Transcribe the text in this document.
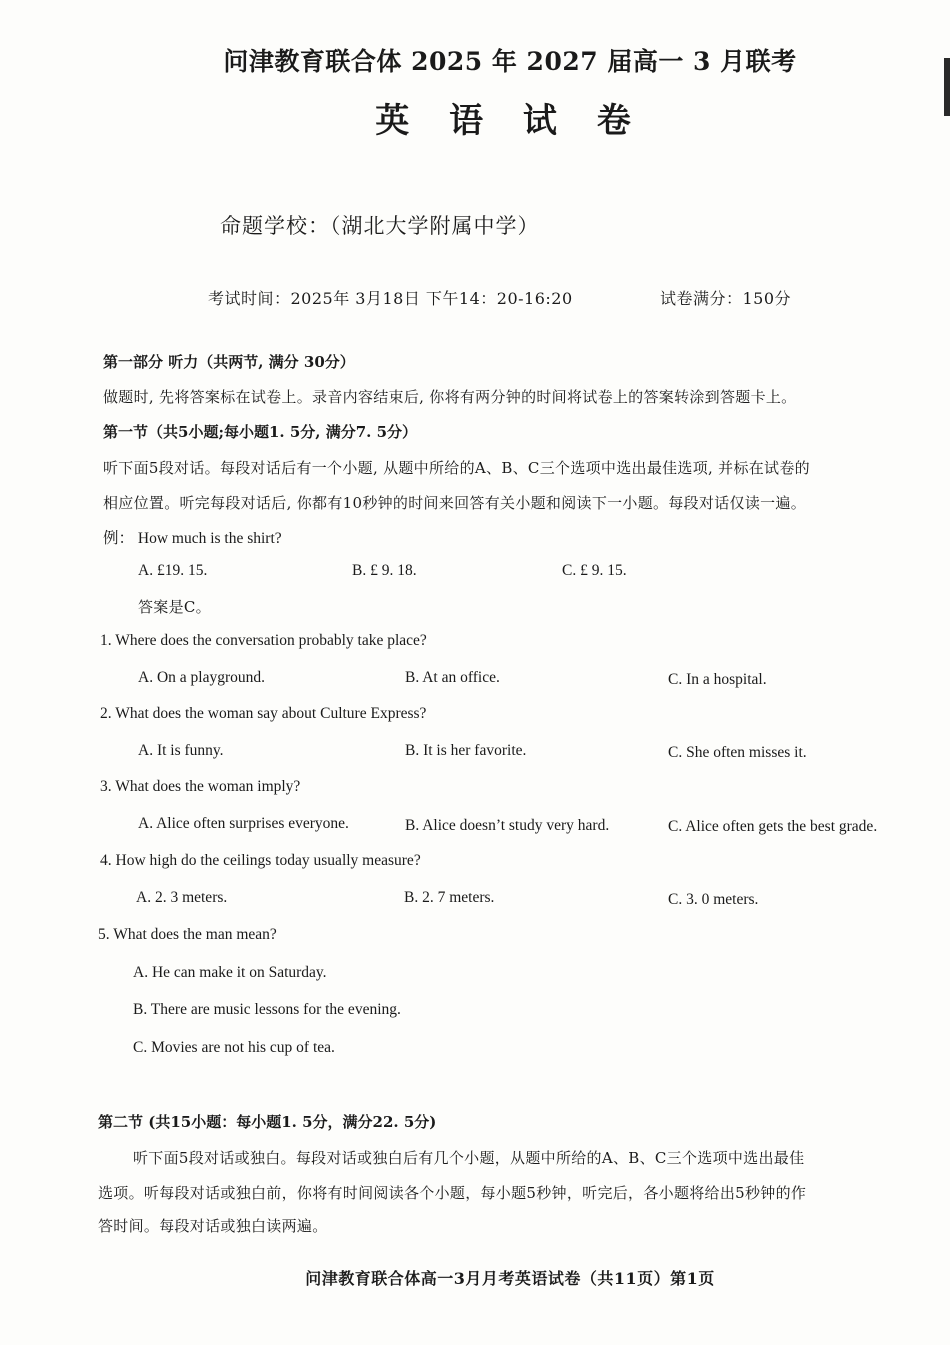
问津教育联合体 2025 年 2027 届高一 3 月联考
英 语 试 卷
命题学校：（湖北大学附属中学）
考试时间：2025年 3月18日 下午14：20-16:20	试卷满分：150分
第一部分 听力（共两节, 满分 30分）
做题时, 先将答案标在试卷上。录音内容结束后, 你将有两分钟的时间将试卷上的答案转涂到答题卡上。
第一节（共5小题;每小题1. 5分, 满分7. 5分）
听下面5段对话。每段对话后有一个小题, 从题中所给的A、B、C三个选项中选出最佳选项, 并标在试卷的
相应位置。听完每段对话后, 你都有10秒钟的时间来回答有关小题和阅读下一小题。每段对话仅读一遍。
例： How much is the shirt?
A. £19. 15.	B. £ 9. 18.	C. £ 9. 15.
答案是C。
1. Where does the conversation probably take place?
A. On a playground.	B. At an office.	C. In a hospital.
2. What does the woman say about Culture Express?
A. It is funny.	B. It is her favorite.	C. She often misses it.
3. What does the woman imply?
A. Alice often surprises everyone.	B. Alice doesn’t study very hard.	C. Alice often gets the best grade.
4. How high do the ceilings today usually measure?
A. 2. 3 meters.	B. 2. 7 meters.	C. 3. 0 meters.
5. What does the man mean?
A. He can make it on Saturday.
B. There are music lessons for the evening.
C. Movies are not his cup of tea.
第二节 (共15小题：每小题1. 5分，满分22. 5分)
听下面5段对话或独白。每段对话或独白后有几个小题，从题中所给的A、B、C三个选项中选出最佳
选项。听每段对话或独白前，你将有时间阅读各个小题，每小题5秒钟，听完后，各小题将给出5秒钟的作
答时间。每段对话或独白读两遍。
问津教育联合体高一3月月考英语试卷（共11页）第1页
